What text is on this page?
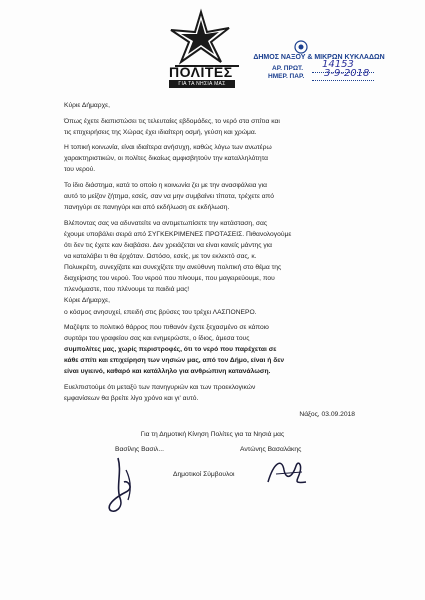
ΠΟΛΙΤΕΣ
ΓΙΑ ΤΑ ΝΗΣΙΑ ΜΑΣ
ΔΗΜΟΣ ΝΑΞΟΥ & ΜΙΚΡΩΝ ΚΥΚΛΑΔΩΝ
ΑΡ. ΠΡΩΤ. 14153
ΗΜΕΡ. ΠΑΡ. 3-9-2018
Κύριε Δήμαρχε,
Όπως έχετε διαπιστώσει τις τελευταίες εβδομάδες, το νερό στα σπίτια και
τις επιχειρήσεις της Χώρας έχει ιδιαίτερη οσμή, γεύση και χρώμα.
Η τοπική κοινωνία, είναι ιδιαίτερα ανήσυχη, καθώς λόγω των ανωτέρω
χαρακτηριστικών, οι πολίτες δικαίως αμφισβητούν την καταλληλότητα
του νερού.
Το ίδιο διάστημα, κατά το οποίο η κοινωνία ζει με την ανασφάλεια για
αυτό το μείζον ζήτημα, εσείς, σαν να μην συμβαίνει τίποτα, τρέχετε από
πανηγύρι σε πανηγύρι και από εκδήλωση σε εκδήλωση.
Βλέποντας σας να αδυνατείτε να αντιμετωπίσετε την κατάσταση, σας
έχουμε υποβάλει σειρά από ΣΥΓΚΕΚΡΙΜΕΝΕΣ ΠΡΟΤΑΣΕΙΣ. Πιθανολογούμε
ότι δεν τις έχετε καν διαβάσει. Δεν χρειάζεται να είναι κανείς μάντης για
να καταλάβει τι θα έρχόταν. Ωστόσο, εσείς, με τον εκλεκτό σας, κ.
Πολυκρέτη, συνεχίζατε και συνεχίζετε την ανεύθυνη πολιτική στο θέμα της
διαχείρισης του νερού. Του νερού που πίνουμε, που μαγειρεύουμε, που
πλενόμαστε, που πλένουμε τα παιδιά μας!
Κύριε Δήμαρχε,
ο κόσμος ανησυχεί, επειδή στις βρύσες του τρέχει ΛΑΣΠΟΝΕΡΟ.
Μαζέψτε το πολιτικό θάρρος που πιθανόν έχετε ξεχασμένο σε κάποιο
συρτάρι του γραφείου σας και ενημερώστε, ο ίδιος, άμεσα τους
συμπολίτες μας, χωρίς περιστροφές, ότι το νερό που παρέχεται σε
κάθε σπίτι και επιχείρηση των νησιών μας, από τον Δήμο, είναι ή δεν
είναι υγιεινό, καθαρό και κατάλληλο για ανθρώπινη κατανάλωση.
Ευελπιστούμε ότι μεταξύ των πανηγυριών και των προεκλογικών
εμφανίσεων θα βρείτε λίγο χρόνο και γι' αυτό.
Νάξος, 03.09.2018
Για τη Δημοτική Κίνηση Πολίτες για τα Νησιά μας
Βασίλης Βασιλ...	Αντώνης Βασαλάκης
Δημοτικοί Σύμβουλοι
